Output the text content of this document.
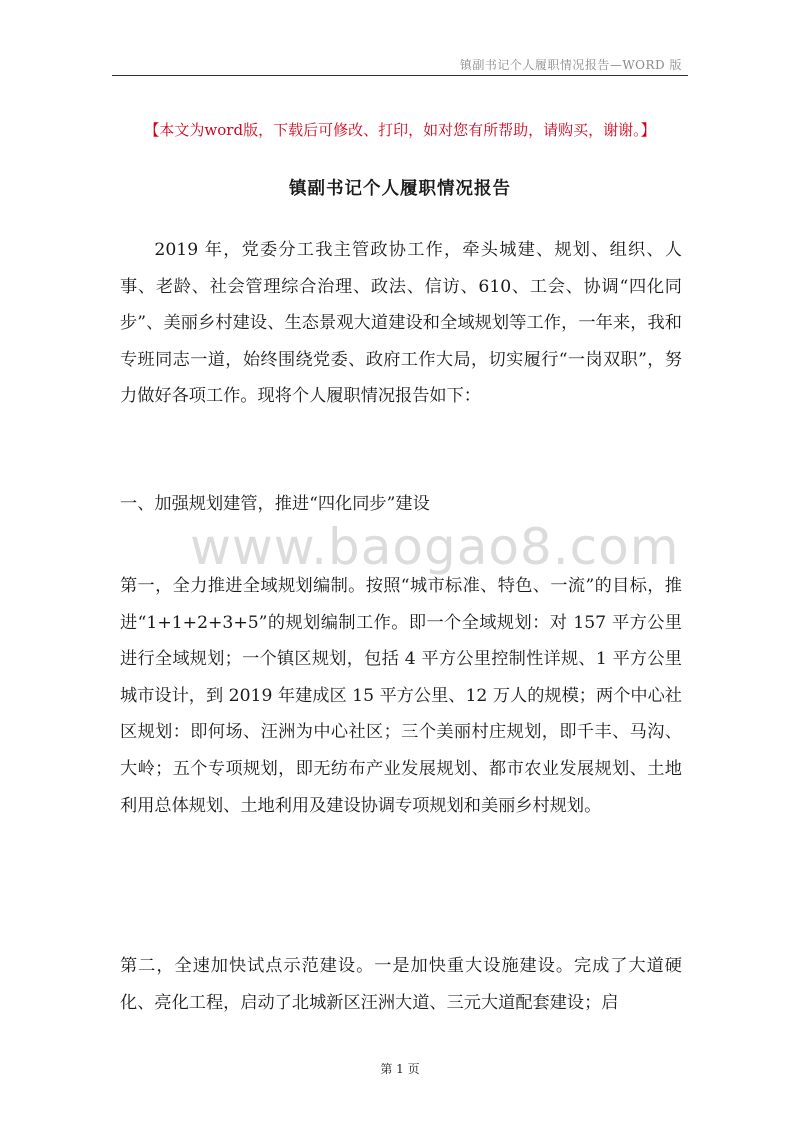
镇副书记个人履职情况报告—WORD 版
【本文为word版，下载后可修改、打印，如对您有所帮助，请购买，谢谢。】
镇副书记个人履职情况报告
2019 年，党委分工我主管政协工作，牵头城建、规划、组织、人事、老龄、社会管理综合治理、政法、信访、610、工会、协调“四化同步”、美丽乡村建设、生态景观大道建设和全域规划等工作，一年来，我和专班同志一道，始终围绕党委、政府工作大局，切实履行“一岗双职”，努力做好各项工作。现将个人履职情况报告如下：
一、加强规划建管，推进“四化同步”建设
www.baogao8.com
第一，全力推进全域规划编制。按照“城市标准、特色、一流”的目标，推进“1+1+2+3+5”的规划编制工作。即一个全域规划：对 157 平方公里进行全域规划；一个镇区规划，包括 4 平方公里控制性详规、1 平方公里城市设计，到 2019 年建成区 15 平方公里、12 万人的规模；两个中心社区规划：即何场、汪洲为中心社区；三个美丽村庄规划，即千丰、马沟、大岭；五个专项规划，即无纺布产业发展规划、都市农业发展规划、土地利用总体规划、土地利用及建设协调专项规划和美丽乡村规划。
第二，全速加快试点示范建设。一是加快重大设施建设。完成了大道硬化、亮化工程，启动了北城新区汪洲大道、三元大道配套建设；启
第 1 页
